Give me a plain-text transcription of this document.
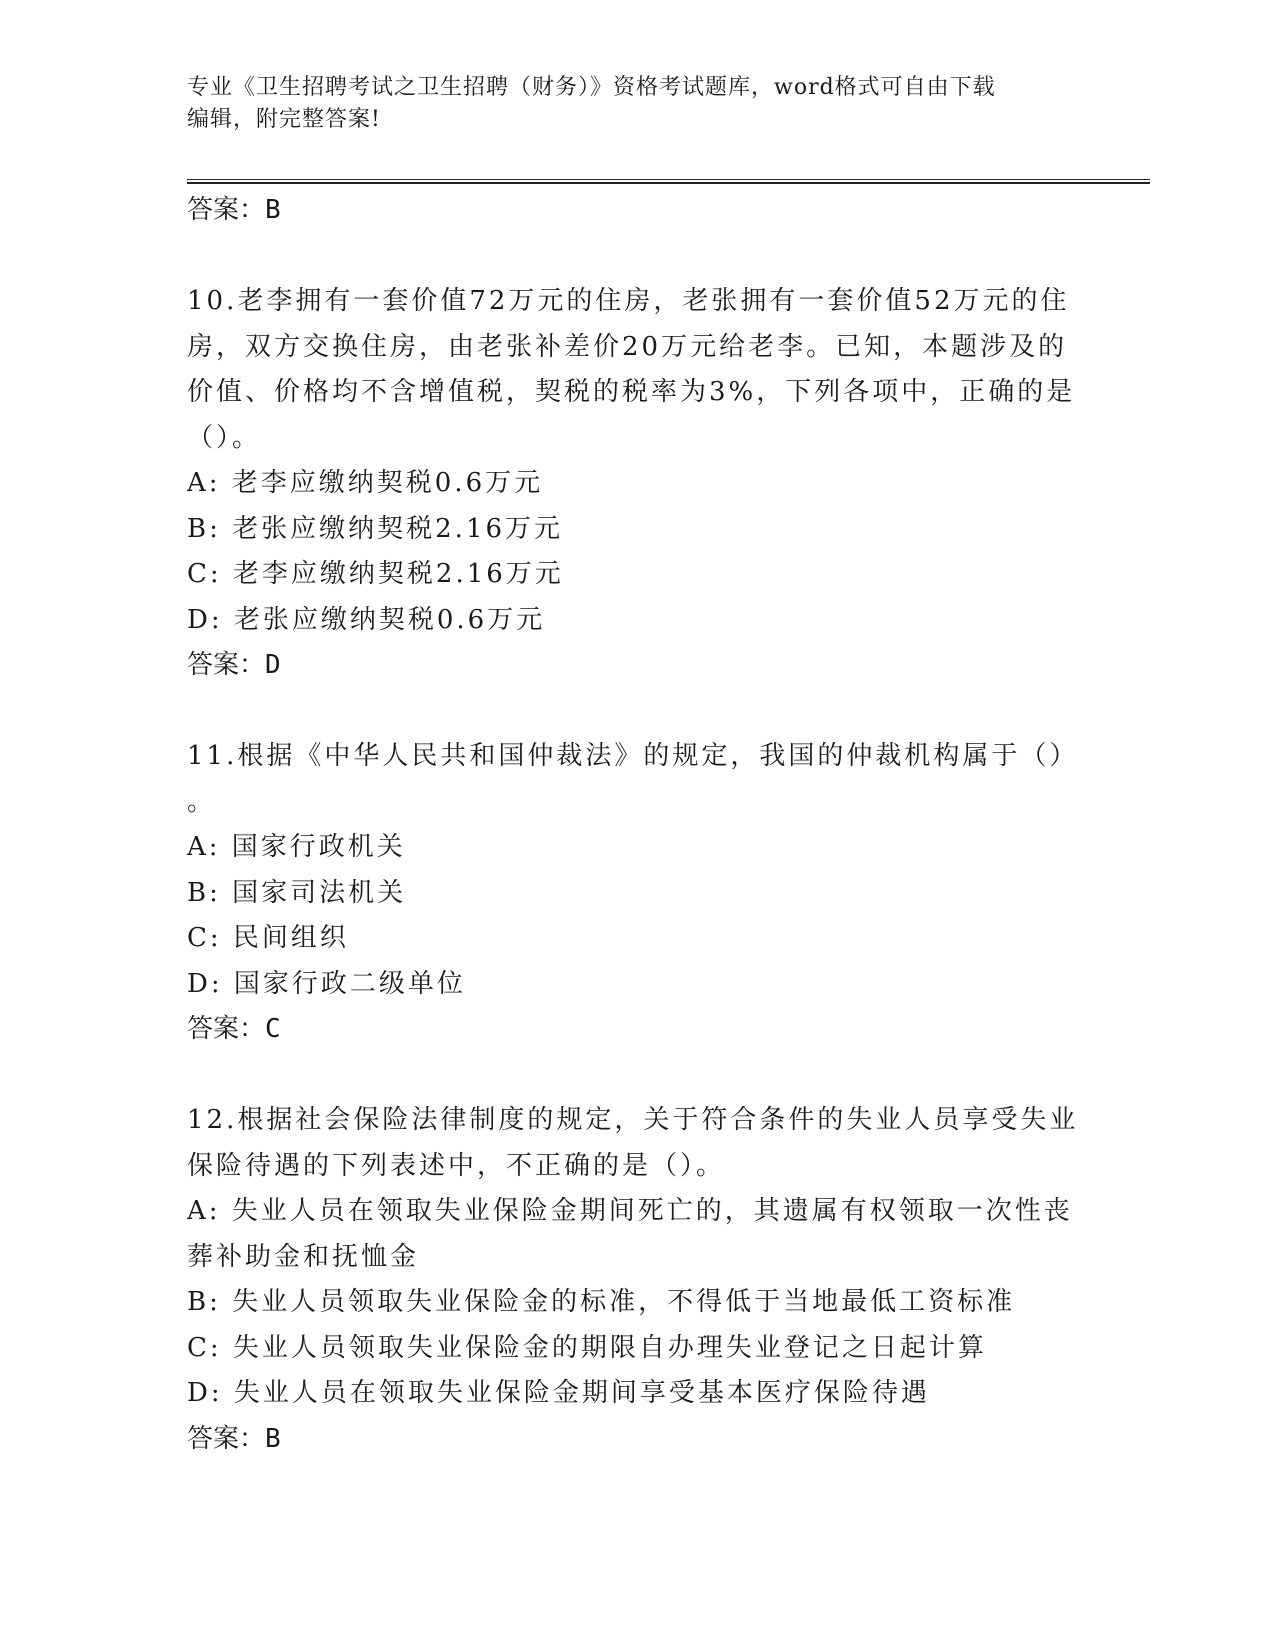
专业《卫生招聘考试之卫生招聘（财务）》资格考试题库，word格式可自由下载
编辑，附完整答案!
答案：B
10.老李拥有一套价值72万元的住房，老张拥有一套价值52万元的住
房，双方交换住房，由老张补差价20万元给老李。已知，本题涉及的
价值、价格均不含增值税，契税的税率为3%，下列各项中，正确的是
（）。
A: 老李应缴纳契税0.6万元
B: 老张应缴纳契税2.16万元
C: 老李应缴纳契税2.16万元
D: 老张应缴纳契税0.6万元
答案：D
11.根据《中华人民共和国仲裁法》的规定，我国的仲裁机构属于（）
。
A: 国家行政机关
B: 国家司法机关
C: 民间组织
D: 国家行政二级单位
答案：C
12.根据社会保险法律制度的规定，关于符合条件的失业人员享受失业
保险待遇的下列表述中，不正确的是（）。
A: 失业人员在领取失业保险金期间死亡的，其遗属有权领取一次性丧
葬补助金和抚恤金
B: 失业人员领取失业保险金的标准，不得低于当地最低工资标准
C: 失业人员领取失业保险金的期限自办理失业登记之日起计算
D: 失业人员在领取失业保险金期间享受基本医疗保险待遇
答案：B
